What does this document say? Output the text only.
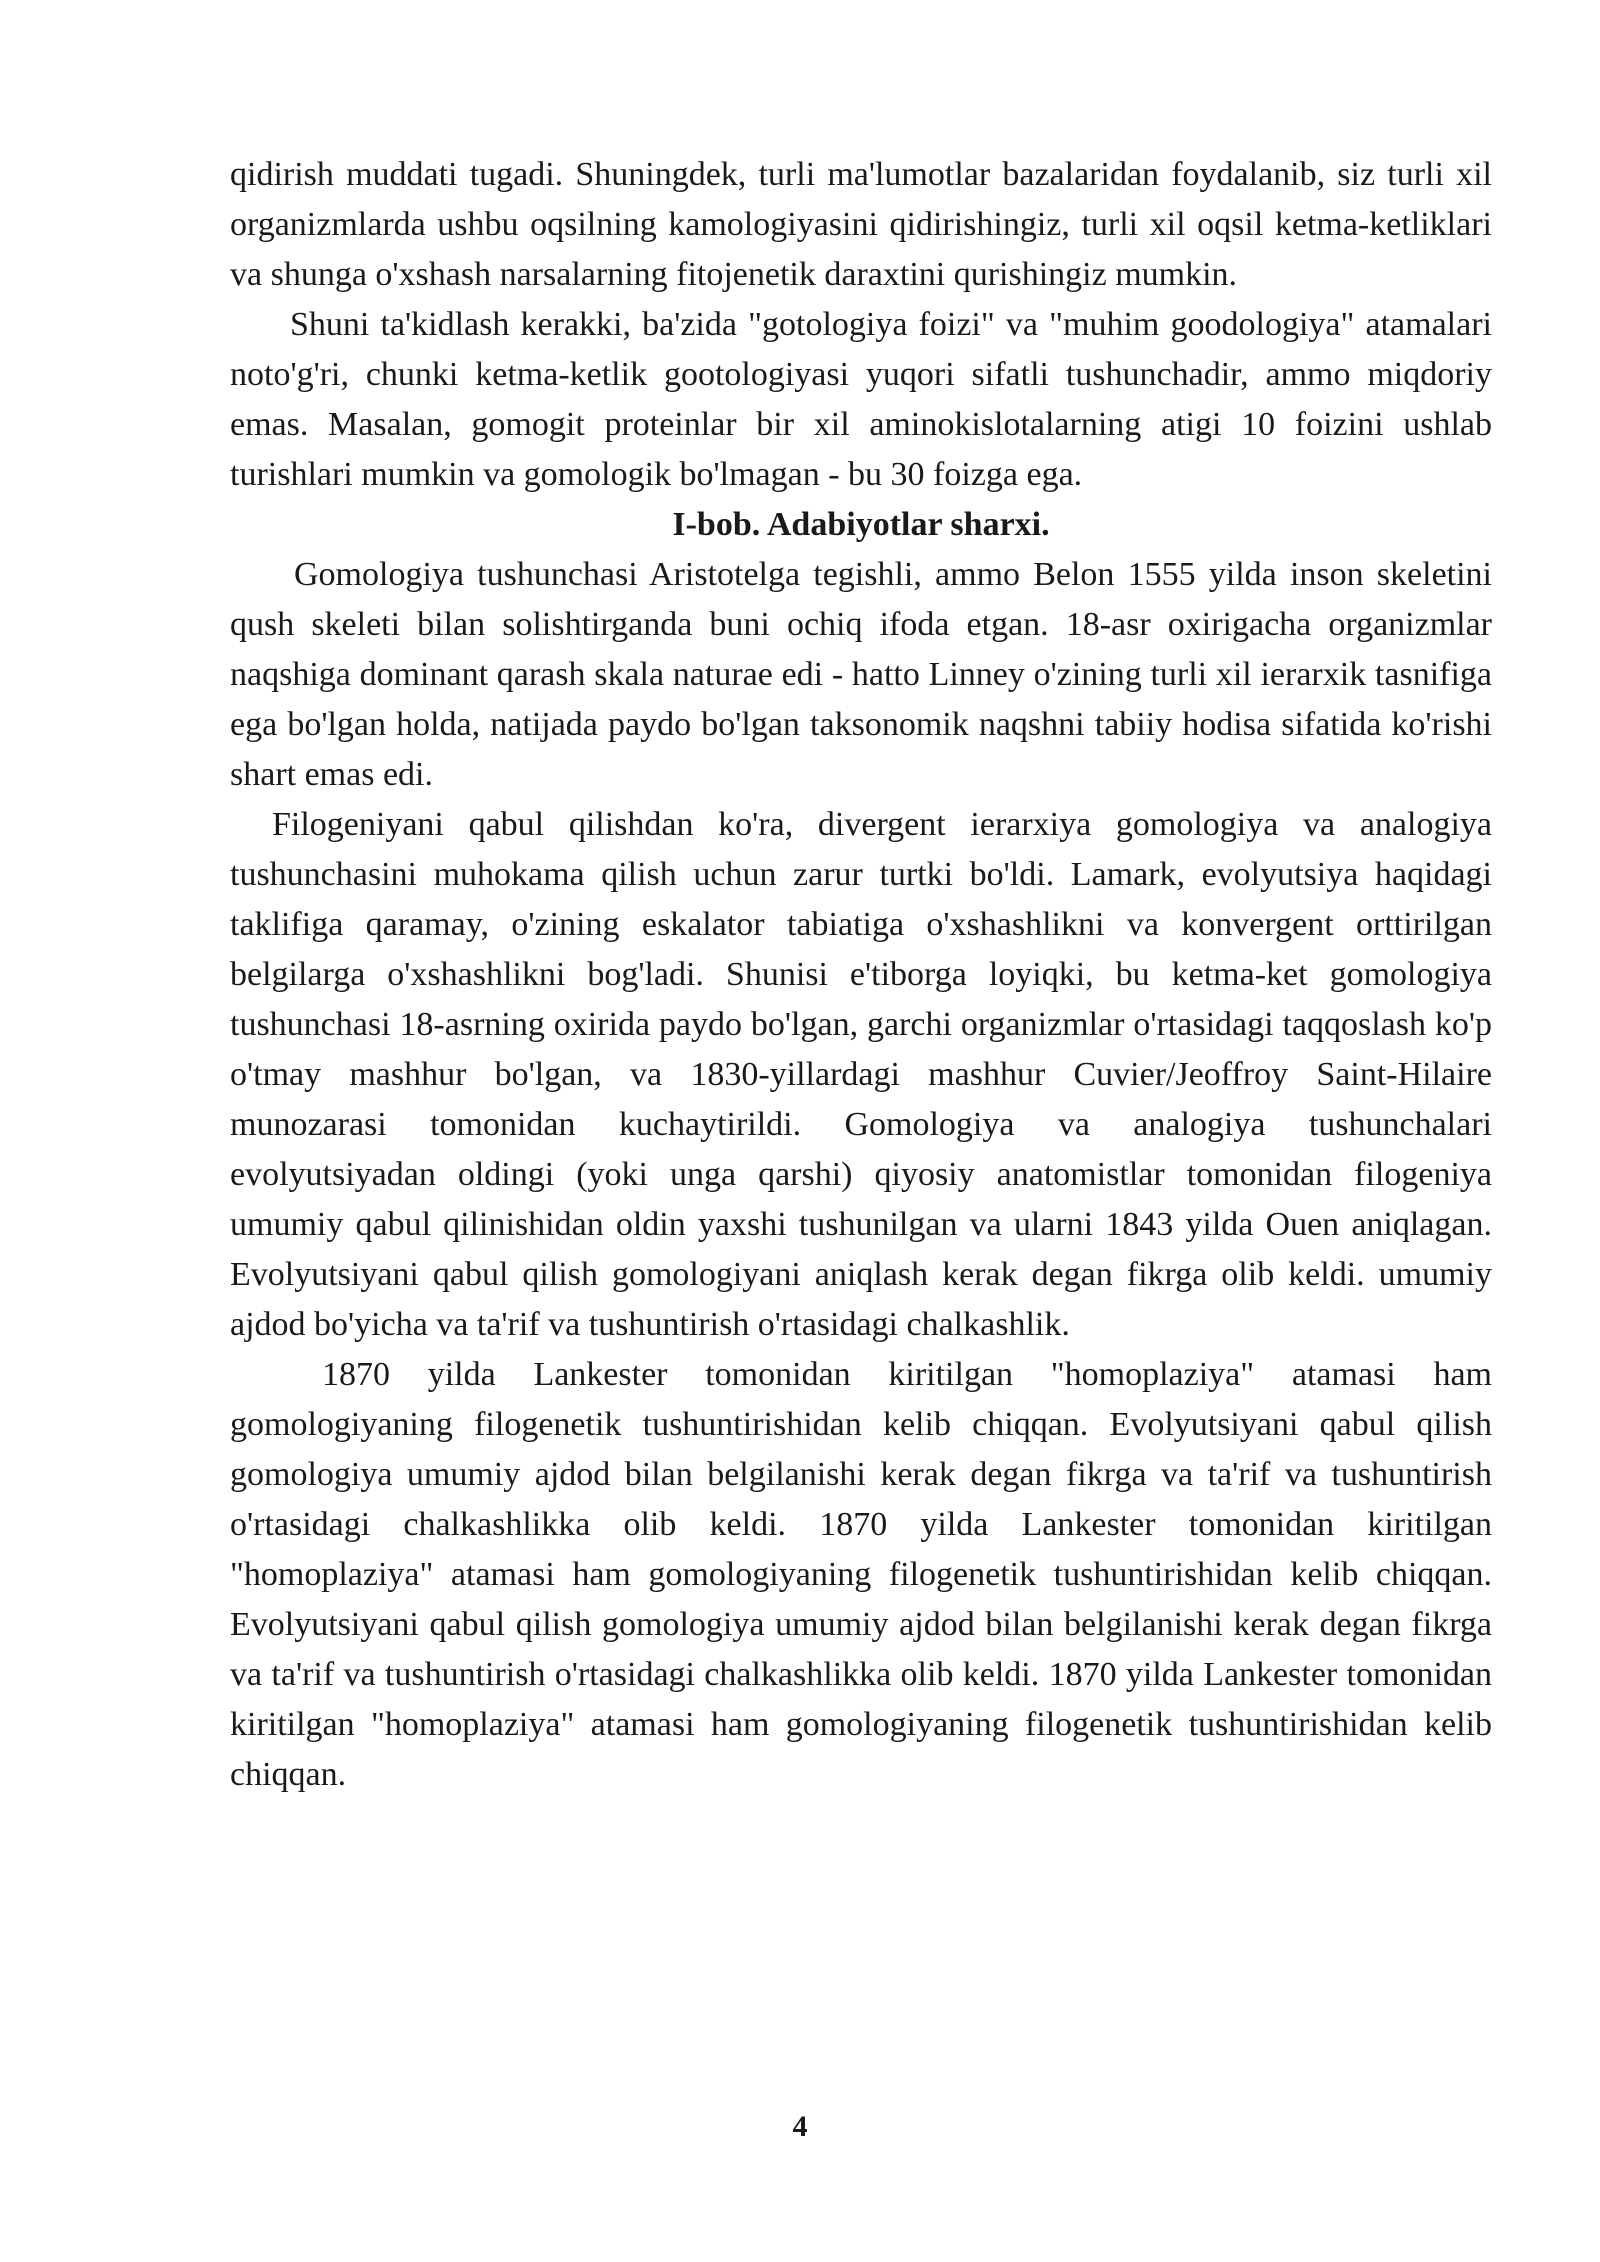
qidirish muddati tugadi. Shuningdek, turli ma'lumotlar bazalaridan foydalanib, siz turli xil organizmlarda ushbu oqsilning kamologiyasini qidirishingiz, turli xil oqsil ketma-ketliklari va shunga o'xshash narsalarning fitojenetik daraxtini qurishingiz mumkin.

Shuni ta'kidlash kerakki, ba'zida "gotologiya foizi" va "muhim goodologiya" atamalari noto'g'ri, chunki ketma-ketlik gootologiyasi yuqori sifatli tushunchadir, ammo miqdoriy emas. Masalan, gomogit proteinlar bir xil aminokislotalarning atigi 10 foizini ushlab turishlari mumkin va gomologik bo'lmagan - bu 30 foizga ega.

I-bob. Adabiyotlar sharxi.

Gomologiya tushunchasi Aristotelga tegishli, ammo Belon 1555 yilda inson skeletini qush skeleti bilan solishtirganda buni ochiq ifoda etgan. 18-asr oxirigacha organizmlar naqshiga dominant qarash skala naturae edi - hatto Linney o'zining turli xil ierarxik tasnifiga ega bo'lgan holda, natijada paydo bo'lgan taksonomik naqshni tabiiy hodisa sifatida ko'rishi shart emas edi.

Filogeniyani qabul qilishdan ko'ra, divergent ierarxiya gomologiya va analogiya tushunchasini muhokama qilish uchun zarur turtki bo'ldi. Lamark, evolyutsiya haqidagi taklifiga qaramay, o'zining eskalator tabiatiga o'xshashlikni va konvergent orttirilgan belgilarga o'xshashlikni bog'ladi. Shunisi e'tiborga loyiqki, bu ketma-ket gomologiya tushunchasi 18-asrning oxirida paydo bo'lgan, garchi organizmlar o'rtasidagi taqqoslash ko'p o'tmay mashhur bo'lgan, va 1830-yillardagi mashhur Cuvier/Jeoffroy Saint-Hilaire munozarasi tomonidan kuchaytirildi. Gomologiya va analogiya tushunchalari evolyutsiyadan oldingi (yoki unga qarshi) qiyosiy anatomistlar tomonidan filogeniya umumiy qabul qilinishidan oldin yaxshi tushunilgan va ularni 1843 yilda Ouen aniqlagan. Evolyutsiyani qabul qilish gomologiyani aniqlash kerak degan fikrga olib keldi. umumiy ajdod bo'yicha va ta'rif va tushuntirish o'rtasidagi chalkashlik.

1870 yilda Lankester tomonidan kiritilgan "homoplaziya" atamasi ham gomologiyaning filogenetik tushuntirishidan kelib chiqqan. Evolyutsiyani qabul qilish gomologiya umumiy ajdod bilan belgilanishi kerak degan fikrga va ta'rif va tushuntirish o'rtasidagi chalkashlikka olib keldi. 1870 yilda Lankester tomonidan kiritilgan "homoplaziya" atamasi ham gomologiyaning filogenetik tushuntirishidan kelib chiqqan. Evolyutsiyani qabul qilish gomologiya umumiy ajdod bilan belgilanishi kerak degan fikrga va ta'rif va tushuntirish o'rtasidagi chalkashlikka olib keldi. 1870 yilda Lankester tomonidan kiritilgan "homoplaziya" atamasi ham gomologiyaning filogenetik tushuntirishidan kelib chiqqan.

4
